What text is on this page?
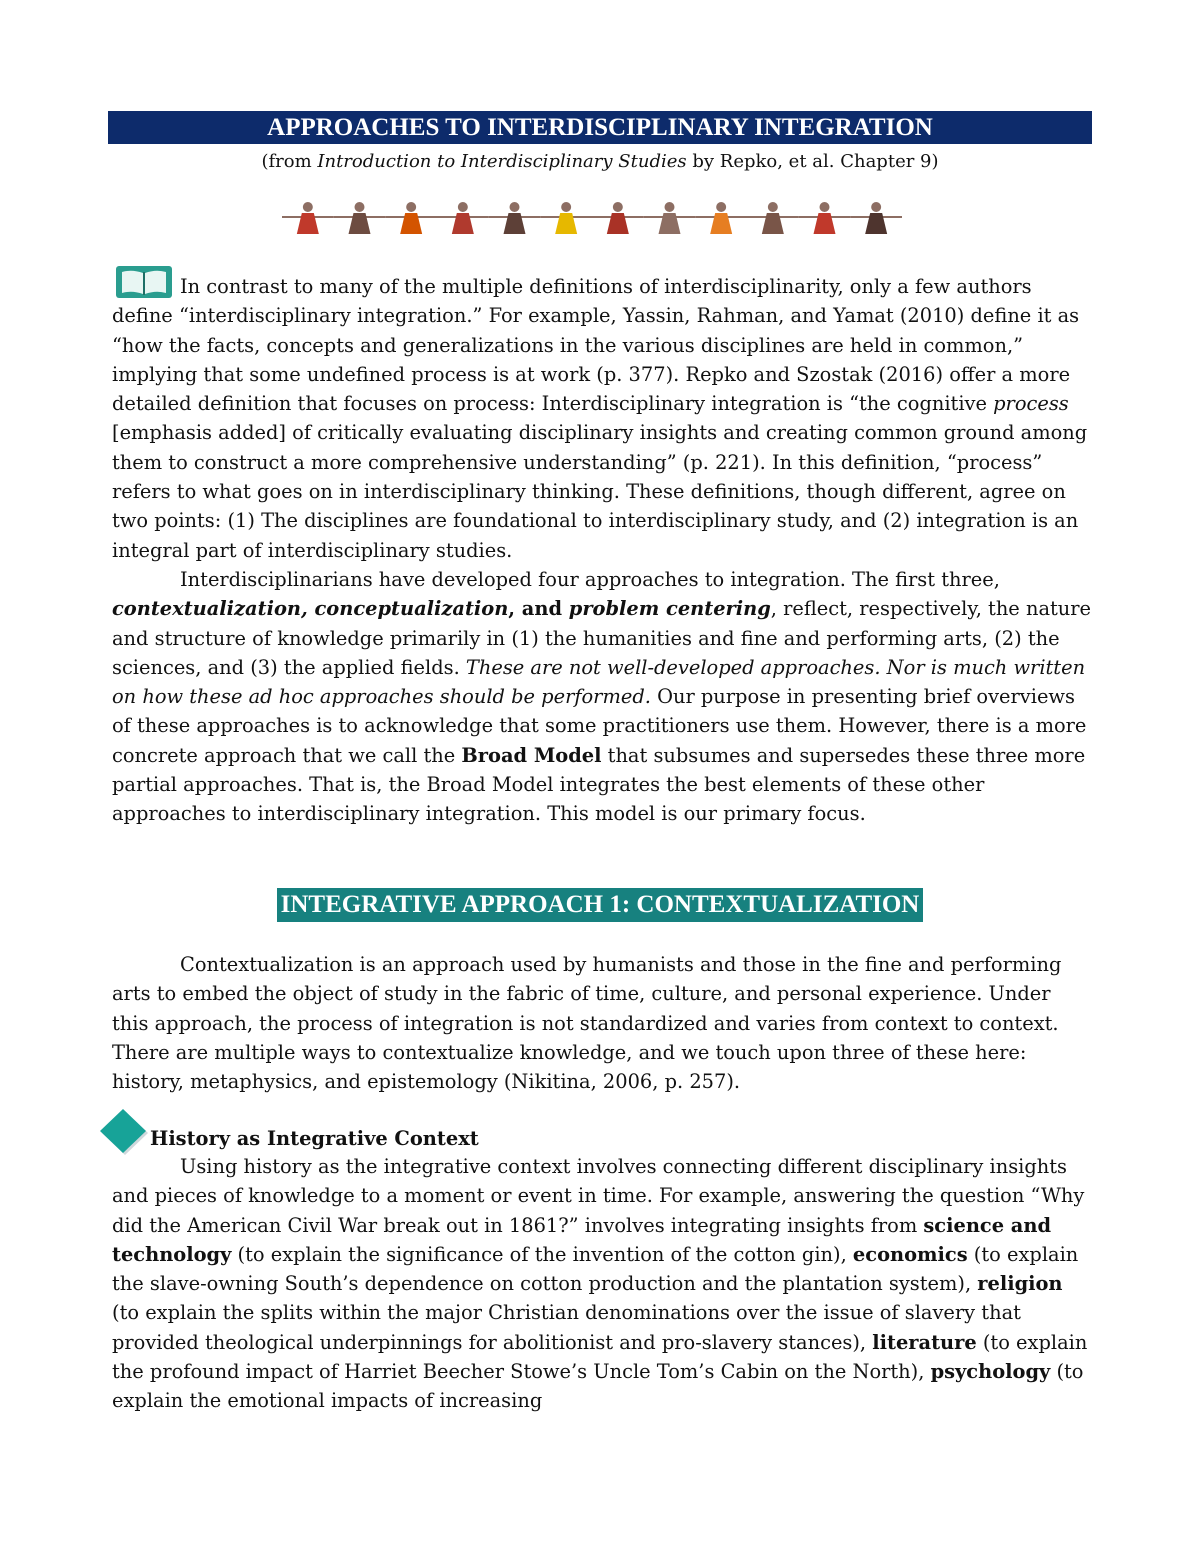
APPROACHES TO INTERDISCIPLINARY INTEGRATION
(from Introduction to Interdisciplinary Studies by Repko, et al. Chapter 9)

In contrast to many of the multiple definitions of interdisciplinarity, only a few authors define “interdisciplinary integration.” For example, Yassin, Rahman, and Yamat (2010) define it as “how the facts, concepts and generalizations in the various disciplines are held in common,” implying that some undefined process is at work (p. 377). Repko and Szostak (2016) offer a more detailed definition that focuses on process: Interdisciplinary integration is “the cognitive process [emphasis added] of critically evaluating disciplinary insights and creating common ground among them to construct a more comprehensive understanding” (p. 221). In this definition, “process” refers to what goes on in interdisciplinary thinking. These definitions, though different, agree on two points: (1) The disciplines are foundational to interdisciplinary study, and (2) integration is an integral part of interdisciplinary studies.

Interdisciplinarians have developed four approaches to integration. The first three, contextualization, conceptualization, and problem centering, reflect, respectively, the nature and structure of knowledge primarily in (1) the humanities and fine and performing arts, (2) the sciences, and (3) the applied fields. These are not well-developed approaches. Nor is much written on how these ad hoc approaches should be performed. Our purpose in presenting brief overviews of these approaches is to acknowledge that some practitioners use them. However, there is a more concrete approach that we call the Broad Model that subsumes and supersedes these three more partial approaches. That is, the Broad Model integrates the best elements of these other approaches to interdisciplinary integration. This model is our primary focus.

INTEGRATIVE APPROACH 1: CONTEXTUALIZATION

Contextualization is an approach used by humanists and those in the fine and performing arts to embed the object of study in the fabric of time, culture, and personal experience. Under this approach, the process of integration is not standardized and varies from context to context. There are multiple ways to contextualize knowledge, and we touch upon three of these here: history, metaphysics, and epistemology (Nikitina, 2006, p. 257).

History as Integrative Context

Using history as the integrative context involves connecting different disciplinary insights and pieces of knowledge to a moment or event in time. For example, answering the question “Why did the American Civil War break out in 1861?” involves integrating insights from science and technology (to explain the significance of the invention of the cotton gin), economics (to explain the slave-owning South’s dependence on cotton production and the plantation system), religion (to explain the splits within the major Christian denominations over the issue of slavery that provided theological underpinnings for abolitionist and pro-slavery stances), literature (to explain the profound impact of Harriet Beecher Stowe’s Uncle Tom’s Cabin on the North), psychology (to explain the emotional impacts of increasing
